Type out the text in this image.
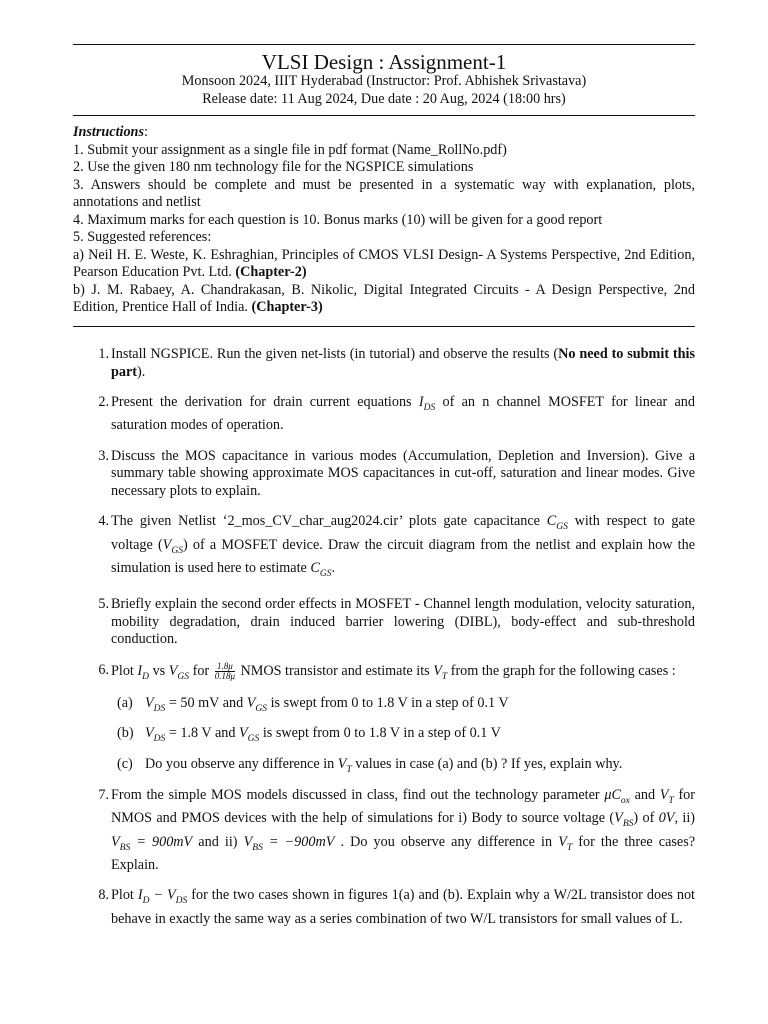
VLSI Design : Assignment-1
Monsoon 2024, IIIT Hyderabad (Instructor: Prof. Abhishek Srivastava)
Release date: 11 Aug 2024, Due date : 20 Aug, 2024 (18:00 hrs)

Instructions:

1. Submit your assignment as a single file in pdf format (Name_RollNo.pdf)

2. Use the given 180 nm technology file for the NGSPICE simulations

3. Answers should be complete and must be presented in a systematic way with explanation, plots, annotations and netlist

4. Maximum marks for each question is 10. Bonus marks (10) will be given for a good report

5. Suggested references:

a) Neil H. E. Weste, K. Eshraghian, Principles of CMOS VLSI Design- A Systems Perspective, 2nd Edition, Pearson Education Pvt. Ltd. (Chapter-2)

b) J. M. Rabaey, A. Chandrakasan, B. Nikolic, Digital Integrated Circuits - A Design Perspective, 2nd Edition, Prentice Hall of India. (Chapter-3)

1. Install NGSPICE. Run the given net-lists (in tutorial) and observe the results (No need to submit this part).

2. Present the derivation for drain current equations $I_{DS}$ of an n channel MOSFET for linear and saturation modes of operation.

3. Discuss the MOS capacitance in various modes (Accumulation, Depletion and Inversion). Give a summary table showing approximate MOS capacitances in cut-off, saturation and linear modes. Give necessary plots to explain.

4. The given Netlist ‘2_mos_CV_char_aug2024.cir’ plots gate capacitance $C_{GS}$ with respect to gate voltage $(V_{GS})$ of a MOSFET device. Draw the circuit diagram from the netlist and explain how the simulation is used here to estimate $C_{GS}$.

5. Briefly explain the second order effects in MOSFET - Channel length modulation, velocity saturation, mobility degradation, drain induced barrier lowering (DIBL), body-effect and sub-threshold conduction.

6. Plot $I_D$ vs $V_{GS}$ for $\frac{1.8\mu}{0.18\mu}$ NMOS transistor and estimate its $V_T$ from the graph for the following cases :

(a) $V_{DS} = 50$ mV and $V_{GS}$ is swept from 0 to 1.8 V in a step of 0.1 V

(b) $V_{DS} = 1.8$ V and $V_{GS}$ is swept from 0 to 1.8 V in a step of 0.1 V

(c) Do you observe any difference in $V_T$ values in case (a) and (b) ? If yes, explain why.

7. From the simple MOS models discussed in class, find out the technology parameter $\mu C_{ox}$ and $V_T$ for NMOS and PMOS devices with the help of simulations for i) Body to source voltage $(V_{BS})$ of 0V, ii) $V_{BS} = 900mV$ and ii) $V_{BS} = -900mV$ . Do you observe any difference in $V_T$ for the three cases? Explain.

8. Plot $I_D - V_{DS}$ for the two cases shown in figures 1(a) and (b). Explain why a W/2L transistor does not behave in exactly the same way as a series combination of two W/L transistors for small values of L.
